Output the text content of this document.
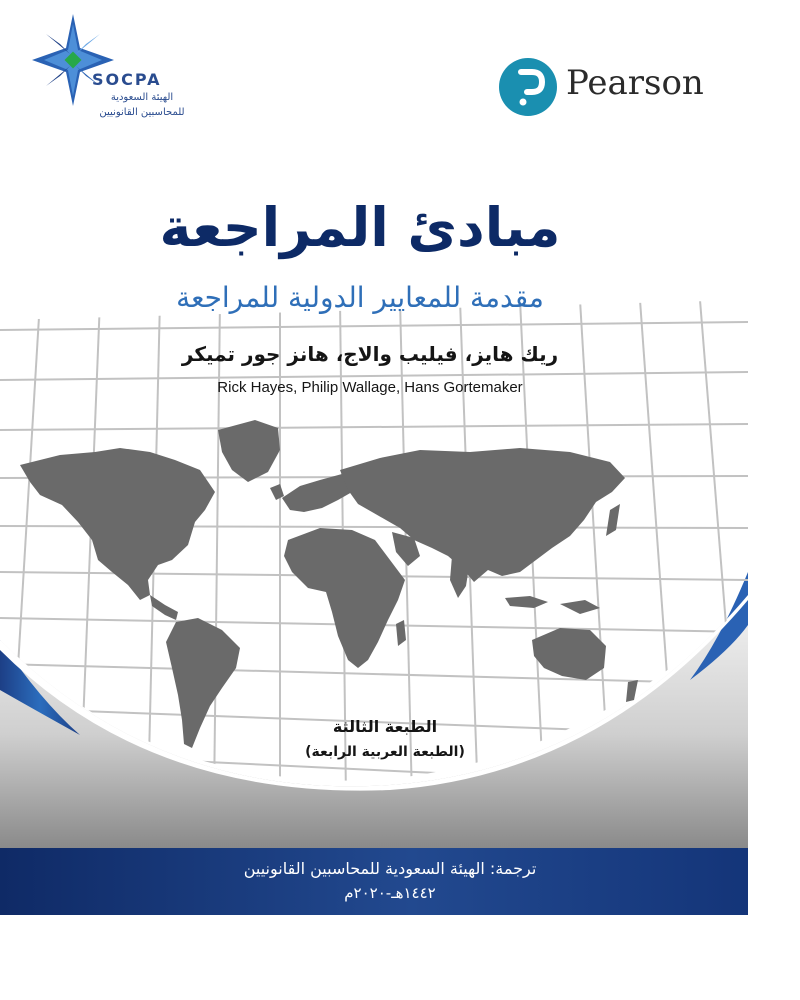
SOCPA
الهيئة السعودية
للمحاسبين القانونيين
Pearson
مبادئ المراجعة
مقدمة للمعايير الدولية للمراجعة
ريك هايز، فيليب والاج، هانز جور تميكر
Rick Hayes, Philip Wallage, Hans Gortemaker
الطبعة الثالثة
(الطبعة العربية الرابعة)
ترجمة: الهيئة السعودية للمحاسبين القانونيين
١٤٤٢هـ-٢٠٢٠م
